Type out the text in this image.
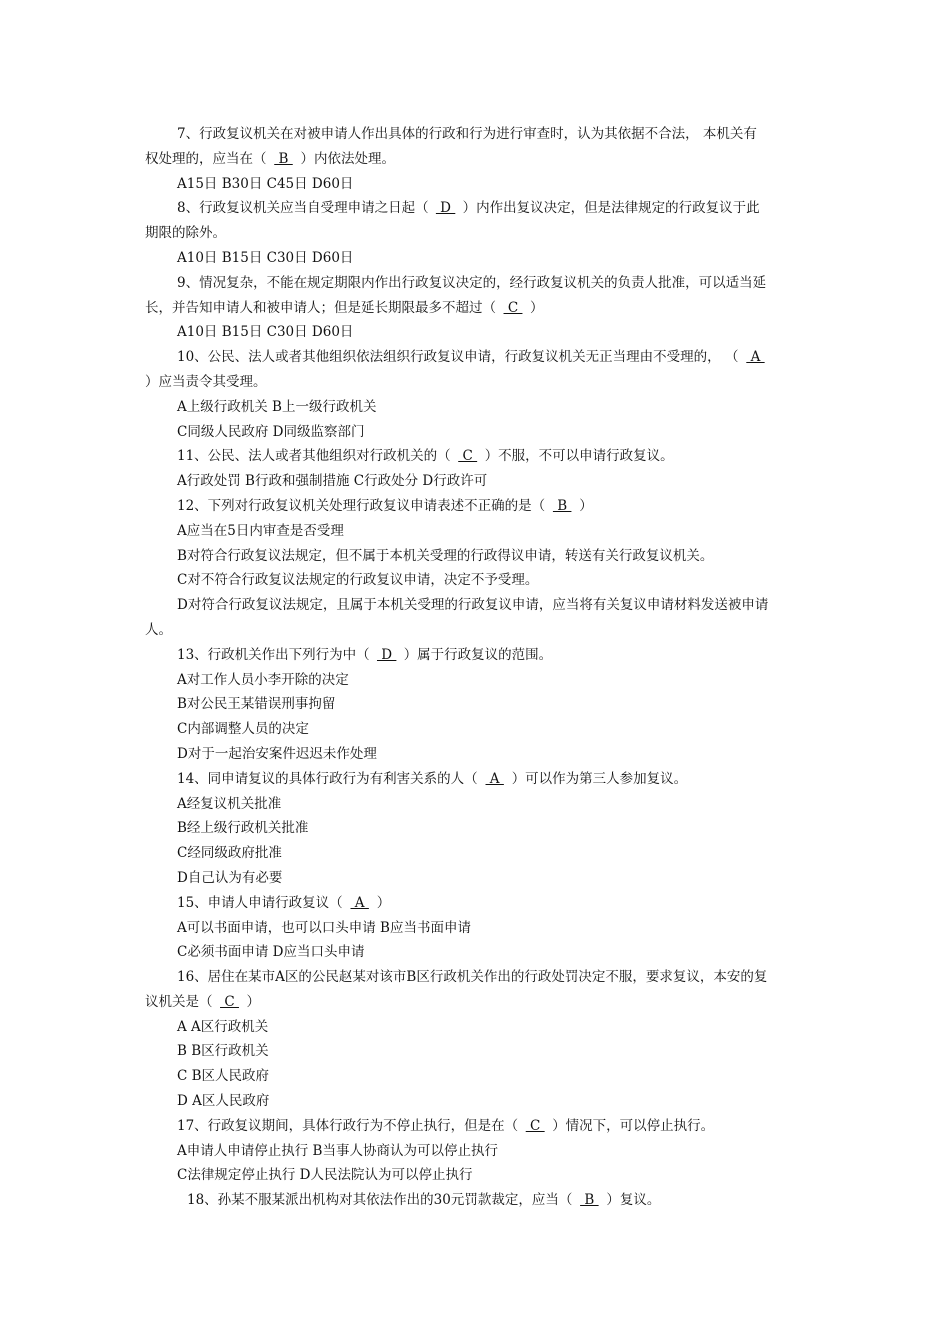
7、行政复议机关在对被申请人作出具体的行政和行为进行审查时，认为其依据不合法， 本机关有
权处理的，应当在（ B ）内依法处理。
A15日 B30日 C45日 D60日
8、行政复议机关应当自受理申请之日起（ D ）内作出复议决定，但是法律规定的行政复议于此
期限的除外。
A10日 B15日 C30日 D60日
9、情况复杂，不能在规定期限内作出行政复议决定的，经行政复议机关的负责人批准，可以适当延
长，并告知申请人和被申请人；但是延长期限最多不超过（ C ）
A10日 B15日 C30日 D60日
10、公民、法人或者其他组织依法组织行政复议申请，行政复议机关无正当理由不受理的， （ A
）应当责令其受理。
A上级行政机关 B上一级行政机关
C同级人民政府 D同级监察部门
11、公民、法人或者其他组织对行政机关的（ C ）不服，不可以申请行政复议。
A行政处罚 B行政和强制措施 C行政处分 D行政许可
12、下列对行政复议机关处理行政复议申请表述不正确的是（ B ）
A应当在5日内审查是否受理
B对符合行政复议法规定，但不属于本机关受理的行政得议申请，转送有关行政复议机关。
C对不符合行政复议法规定的行政复议申请，决定不予受理。
D对符合行政复议法规定，且属于本机关受理的行政复议申请，应当将有关复议申请材料发送被申请
人。
13、行政机关作出下列行为中（ D ）属于行政复议的范围。
A对工作人员小李开除的决定
B对公民王某错误刑事拘留
C内部调整人员的决定
D对于一起治安案件迟迟未作处理
14、同申请复议的具体行政行为有利害关系的人（ A ）可以作为第三人参加复议。
A经复议机关批准
B经上级行政机关批准
C经同级政府批准
D自己认为有必要
15、申请人申请行政复议（ A ）
A可以书面申请，也可以口头申请 B应当书面申请
C必须书面申请 D应当口头申请
16、居住在某市A区的公民赵某对该市B区行政机关作出的行政处罚决定不服，要求复议，本安的复
议机关是（ C ）
A A区行政机关
B B区行政机关
C B区人民政府
D A区人民政府
17、行政复议期间，具体行政行为不停止执行，但是在（ C ）情况下，可以停止执行。
A申请人申请停止执行 B当事人协商认为可以停止执行
C法律规定停止执行 D人民法院认为可以停止执行
18、孙某不服某派出机构对其依法作出的30元罚款裁定，应当（ B ）复议。
